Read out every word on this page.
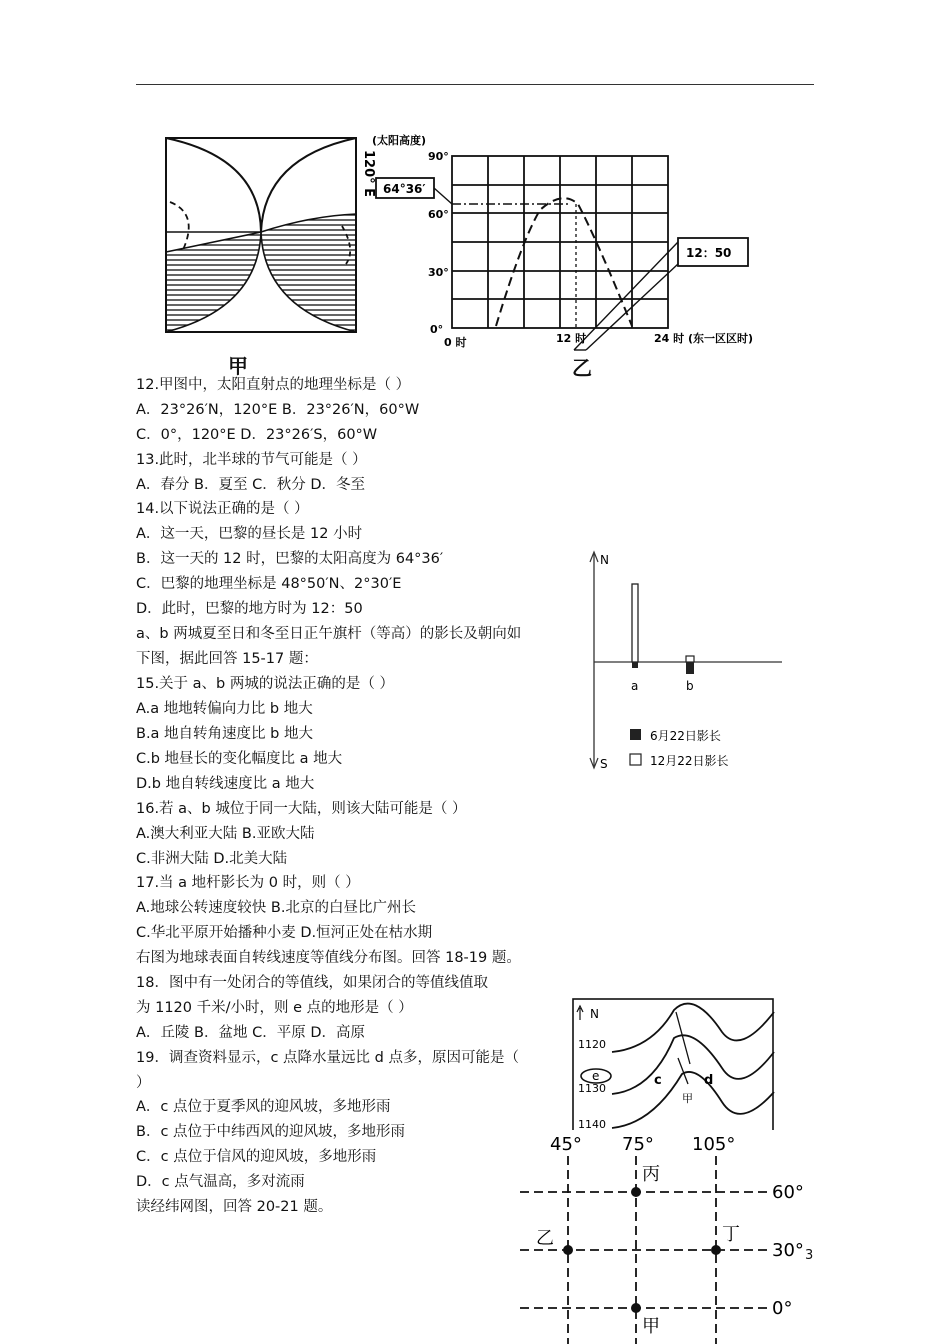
120° E
甲
(太阳高度)
64°36′
12：50
90°
60°
30°
0°
0 时	12 时	24 时 (东一区区时)
乙
12.甲图中，太阳直射点的地理坐标是（ ）
A．23°26′N，120°E B．23°26′N，60°W
C．0°，120°E D．23°26′S，60°W
13.此时，北半球的节气可能是（ ）
A．春分 B．夏至 C．秋分 D．冬至
14.以下说法正确的是（ ）
A．这一天，巴黎的昼长是 12 小时
B．这一天的 12 时，巴黎的太阳高度为 64°36′
C．巴黎的地理坐标是 48°50′N、2°30′E
D．此时，巴黎的地方时为 12：50
a、b 两城夏至日和冬至日正午旗杆（等高）的影长及朝向如
下图，据此回答 15-17 题：
15.关于 a、b 两城的说法正确的是（ ）
A.a 地地转偏向力比 b 地大
B.a 地自转角速度比 b 地大
C.b 地昼长的变化幅度比 a 地大
D.b 地自转线速度比 a 地大
16.若 a、b 城位于同一大陆，则该大陆可能是（ ）
A.澳大利亚大陆 B.亚欧大陆
C.非洲大陆 D.北美大陆
17.当 a 地杆影长为 0 时，则（ ）
A.地球公转速度较快 B.北京的白昼比广州长
C.华北平原开始播种小麦 D.恒河正处在枯水期
右图为地球表面自转线速度等值线分布图。回答 18-19 题。
18．图中有一处闭合的等值线，如果闭合的等值线值取
为 1120 千米/小时，则 e 点的地形是（ ）
A．丘陵 B．盆地 C．平原 D．高原
19．调查资料显示，c 点降水量远比 d 点多，原因可能是（
）
A．c 点位于夏季风的迎风坡，多地形雨
B．c 点位于中纬西风的迎风坡，多地形雨
C．c 点位于信风的迎风坡，多地形雨
D．c 点气温高，多对流雨
读经纬网图，回答 20-21 题。
N
S
a	b
6月22日影长
12月22日影长
N
1120
1130
1140
e	c	d
甲
45° 75° 105°
60°
30°
0°
丙
乙	丁
甲
3
